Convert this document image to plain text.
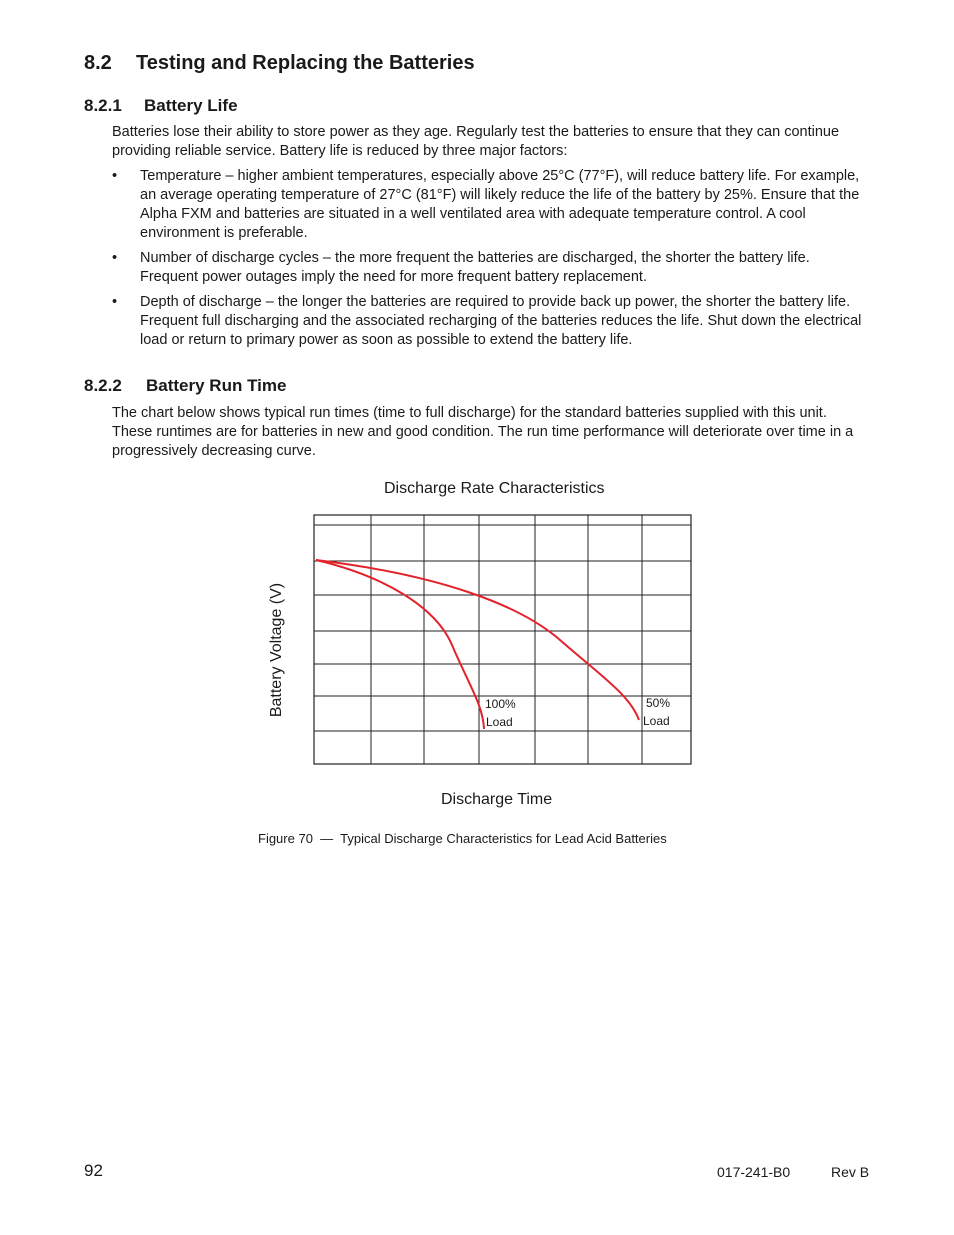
8.2 Testing and Replacing the Batteries
8.2.1 Battery Life

Batteries lose their ability to store power as they age. Regularly test the batteries to ensure that they can continue providing reliable service. Battery life is reduced by three major factors:

•	Temperature – higher ambient temperatures, especially above 25°C (77°F), will reduce battery life. For example, an average operating temperature of 27°C (81°F) will likely reduce the life of the battery by 25%. Ensure that the Alpha FXM and batteries are situated in a well ventilated area with adequate temperature control. A cool environment is preferable.
•	Number of discharge cycles – the more frequent the batteries are discharged, the shorter the battery life. Frequent power outages imply the need for more frequent battery replacement.
•	Depth of discharge – the longer the batteries are required to provide back up power, the shorter the battery life. Frequent full discharging and the associated recharging of the batteries reduces the life. Shut down the electrical load or return to primary power as soon as possible to extend the battery life.
8.2.2 Battery Run Time

The chart below shows typical run times (time to full discharge) for the standard batteries supplied with this unit. These runtimes are for batteries in new and good condition. The run time performance will deteriorate over time in a progressively decreasing curve.

Discharge Rate Characteristics
Battery Voltage (V)	100%
Load
50%
Load
Discharge Time
Figure 70  —  Typical Discharge Characteristics for Lead Acid Batteries
92	017-241-B0	Rev B
